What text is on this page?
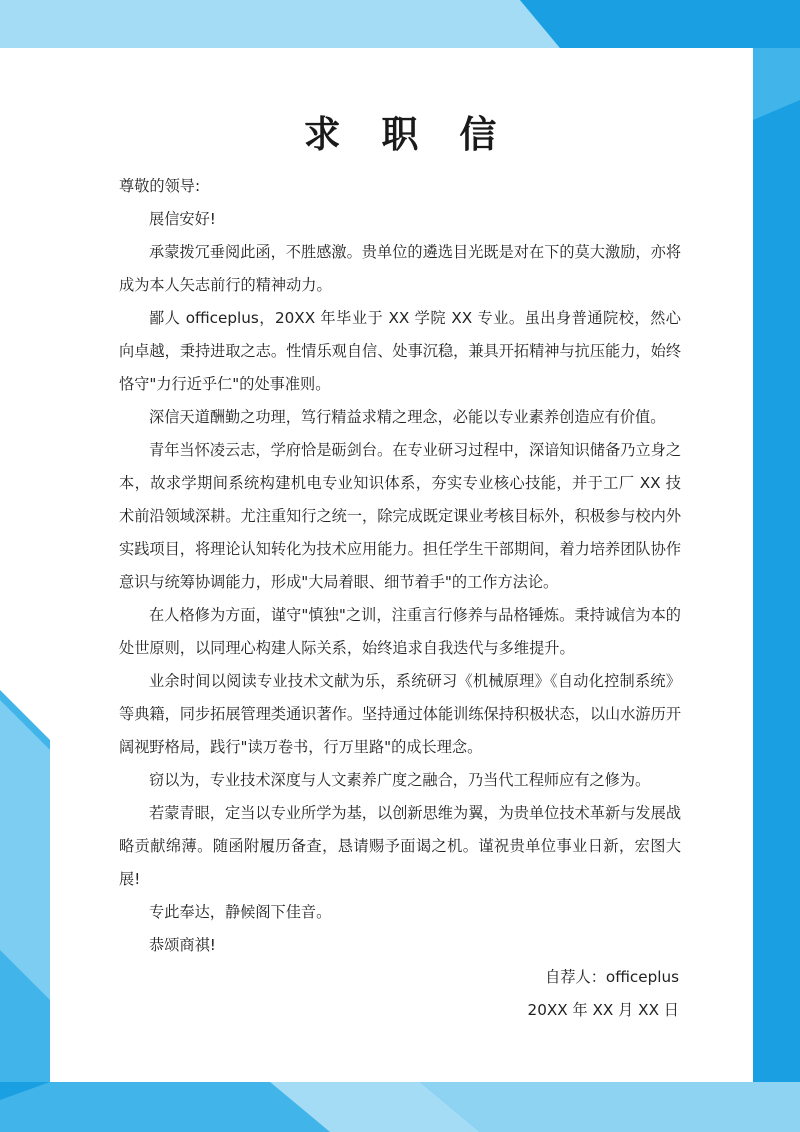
求 职 信

尊敬的领导:

展信安好!

承蒙拨冗垂阅此函，不胜感激。贵单位的遴选目光既是对在下的莫大激励，亦将成为本人矢志前行的精神动力。

鄙人 officeplus，20XX 年毕业于 XX 学院 XX 专业。虽出身普通院校，然心向卓越，秉持进取之志。性情乐观自信、处事沉稳，兼具开拓精神与抗压能力，始终恪守"力行近乎仁"的处事准则。

深信天道酬勤之功理，笃行精益求精之理念，必能以专业素养创造应有价值。

青年当怀凌云志，学府恰是砺剑台。在专业研习过程中，深谙知识储备乃立身之本，故求学期间系统构建机电专业知识体系，夯实专业核心技能，并于工厂 XX 技术前沿领域深耕。尤注重知行之统一，除完成既定课业考核目标外，积极参与校内外实践项目，将理论认知转化为技术应用能力。担任学生干部期间，着力培养团队协作意识与统筹协调能力，形成"大局着眼、细节着手"的工作方法论。

在人格修为方面，谨守"慎独"之训，注重言行修养与品格锤炼。秉持诚信为本的处世原则，以同理心构建人际关系，始终追求自我迭代与多维提升。

业余时间以阅读专业技术文献为乐，系统研习《机械原理》《自动化控制系统》等典籍，同步拓展管理类通识著作。坚持通过体能训练保持积极状态，以山水游历开阔视野格局，践行"读万卷书，行万里路"的成长理念。

窃以为，专业技术深度与人文素养广度之融合，乃当代工程师应有之修为。

若蒙青眼，定当以专业所学为基，以创新思维为翼，为贵单位技术革新与发展战略贡献绵薄。随函附履历备查，恳请赐予面谒之机。谨祝贵单位事业日新，宏图大展!

专此奉达，静候阁下佳音。

恭颂商祺!

自荐人：officeplus
20XX 年 XX 月 XX 日
